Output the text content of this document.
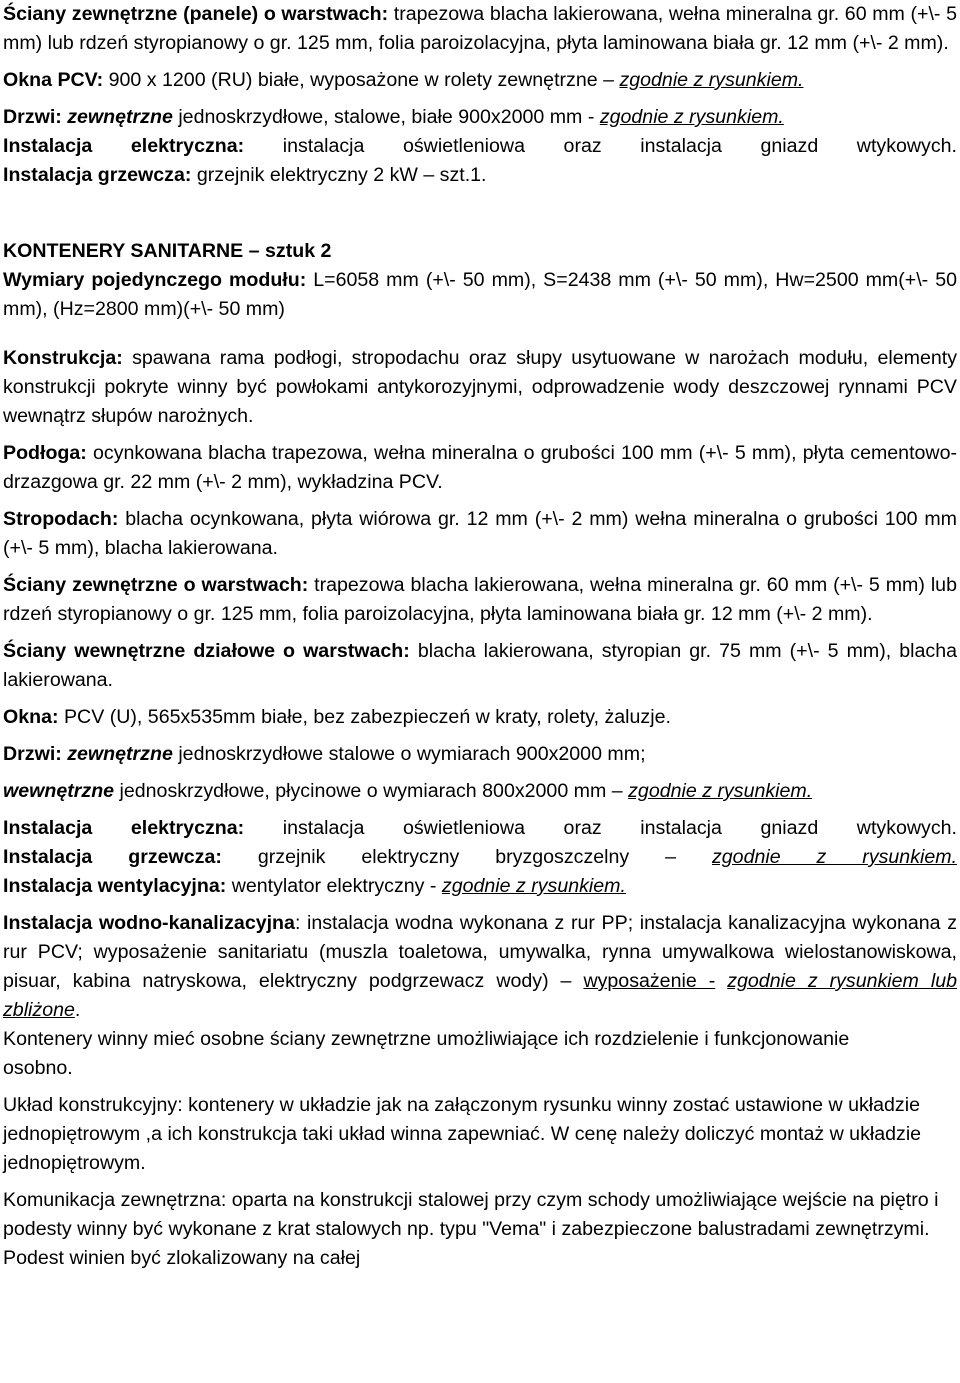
Ściany zewnętrzne (panele) o warstwach: trapezowa blacha lakierowana, wełna mineralna gr. 60 mm (+\- 5 mm) lub rdzeń styropianowy o gr. 125 mm, folia paroizolacyjna, płyta laminowana biała gr. 12 mm (+\- 2 mm).

Okna PCV: 900 x 1200 (RU) białe, wyposażone w rolety zewnętrzne – zgodnie z rysunkiem.

Drzwi: zewnętrzne jednoskrzydłowe, stalowe, białe 900x2000 mm - zgodnie z rysunkiem.

Instalacja elektryczna: instalacja oświetleniowa oraz instalacja gniazd wtykowych.

Instalacja grzewcza: grzejnik elektryczny 2 kW – szt.1.

KONTENERY SANITARNE – sztuk 2

Wymiary pojedynczego modułu: L=6058 mm (+\- 50 mm), S=2438 mm (+\- 50 mm), Hw=2500 mm(+\- 50 mm), (Hz=2800 mm)(+\- 50 mm)

Konstrukcja: spawana rama podłogi, stropodachu oraz słupy usytuowane w narożach modułu, elementy konstrukcji pokryte winny być powłokami antykorozyjnymi, odprowadzenie wody deszczowej rynnami PCV wewnątrz słupów narożnych.

Podłoga: ocynkowana blacha trapezowa, wełna mineralna o grubości 100 mm (+\- 5 mm), płyta cementowo-drzazgowa gr. 22 mm (+\- 2 mm), wykładzina PCV.

Stropodach: blacha ocynkowana, płyta wiórowa gr. 12 mm (+\- 2 mm) wełna mineralna o grubości 100 mm (+\- 5 mm), blacha lakierowana.

Ściany zewnętrzne o warstwach: trapezowa blacha lakierowana, wełna mineralna gr. 60 mm (+\- 5 mm) lub rdzeń styropianowy o gr. 125 mm, folia paroizolacyjna, płyta laminowana biała gr. 12 mm (+\- 2 mm).

Ściany wewnętrzne działowe o warstwach: blacha lakierowana, styropian gr. 75 mm (+\- 5 mm), blacha lakierowana.

Okna: PCV (U), 565x535mm białe, bez zabezpieczeń w kraty, rolety, żaluzje.

Drzwi: zewnętrzne jednoskrzydłowe stalowe o wymiarach 900x2000 mm;

wewnętrzne jednoskrzydłowe, płycinowe o wymiarach 800x2000 mm – zgodnie z rysunkiem.

Instalacja elektryczna: instalacja oświetleniowa oraz instalacja gniazd wtykowych.

Instalacja grzewcza: grzejnik elektryczny bryzgoszczelny – zgodnie z rysunkiem.

Instalacja wentylacyjna: wentylator elektryczny - zgodnie z rysunkiem.

Instalacja wodno-kanalizacyjna: instalacja wodna wykonana z rur PP; instalacja kanalizacyjna wykonana z rur PCV; wyposażenie sanitariatu (muszla toaletowa, umywalka, rynna umywalkowa wielostanowiskowa, pisuar, kabina natryskowa, elektryczny podgrzewacz wody) – wyposażenie - zgodnie z rysunkiem lub zbliżone.

Kontenery winny mieć osobne ściany zewnętrzne umożliwiające ich rozdzielenie i funkcjonowanie osobno.

Układ konstrukcyjny: kontenery w układzie jak na załączonym rysunku winny zostać ustawione w układzie jednopiętrowym ,a ich konstrukcja taki układ winna zapewniać. W cenę należy doliczyć montaż w układzie jednopiętrowym.

Komunikacja zewnętrzna: oparta na konstrukcji stalowej przy czym schody umożliwiające wejście na piętro i podesty winny być wykonane z krat stalowych np. typu "Vema" i zabezpieczone balustradami zewnętrzymi. Podest winien być zlokalizowany na całej
